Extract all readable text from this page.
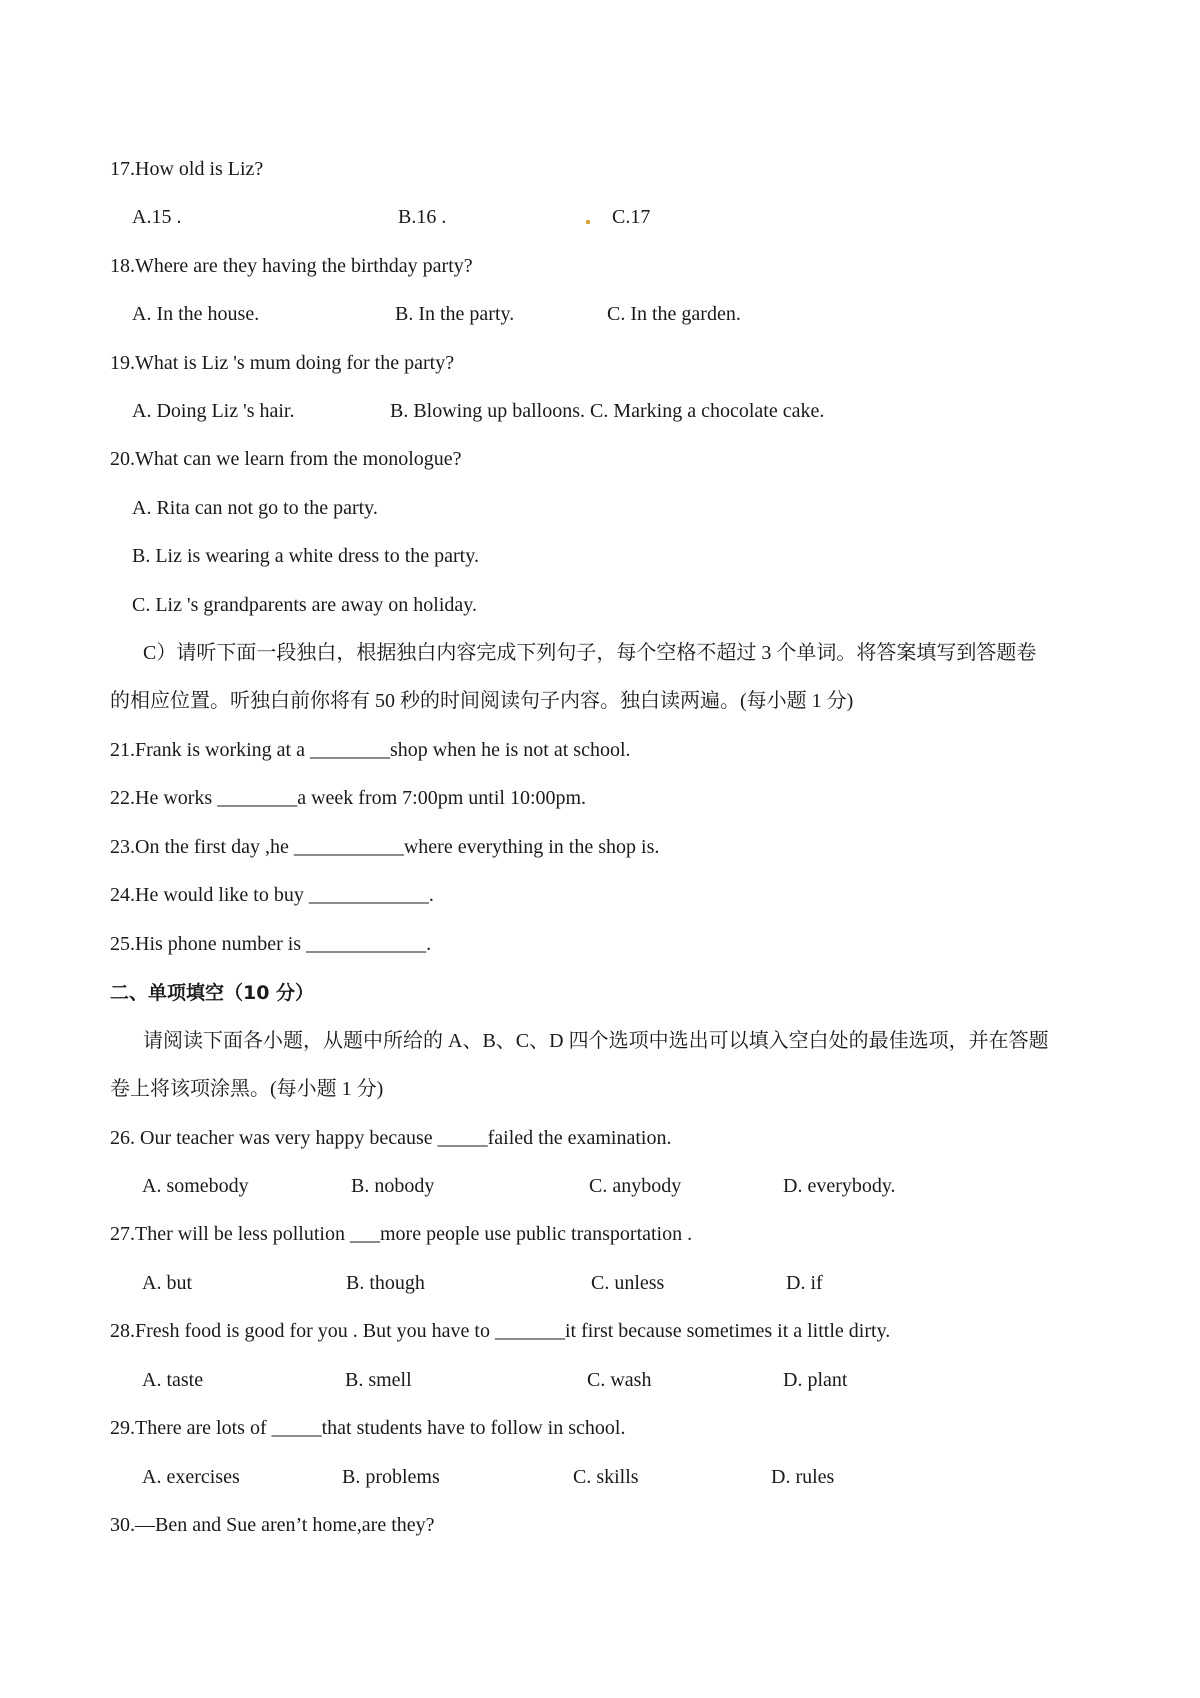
17.How old is Liz?
A.15 .	B.16 .	C.17
18.Where are they having the birthday party?
A. In the house.	B. In the party.	C. In the garden.
19.What is Liz 's mum doing for the party?
A. Doing Liz 's hair.	B. Blowing up balloons. C. Marking a chocolate cake.
20.What can we learn from the monologue?
A. Rita can not go to the party.
B. Liz is wearing a white dress to the party.
C. Liz 's grandparents are away on holiday.
C）请听下面一段独白，根据独白内容完成下列句子，每个空格不超过 3 个单词。将答案填写到答题卷
的相应位置。听独白前你将有 50 秒的时间阅读句子内容。独白读两遍。(每小题 1 分)
21.Frank is working at a ________shop when he is not at school.
22.He works ________a week from 7:00pm until 10:00pm.
23.On the first day ,he ___________where everything in the shop is.
24.He would like to buy ____________.
25.His phone number is ____________.
二、单项填空（10 分）
请阅读下面各小题，从题中所给的 A、B、C、D 四个选项中选出可以填入空白处的最佳选项，并在答题
卷上将该项涂黑。(每小题 1 分)
26. Our teacher was very happy because _____failed the examination.
A. somebody	B. nobody	C. anybody	D. everybody.
27.Ther will be less pollution ___more people use public transportation .
A. but	B. though	C. unless	D. if
28.Fresh food is good for you . But you have to _______it first because sometimes it a little dirty.
A. taste	B. smell	C. wash	D. plant
29.There are lots of _____that students have to follow in school.
A. exercises	B. problems	C. skills	D. rules
30.—Ben and Sue aren’t home,are they?
